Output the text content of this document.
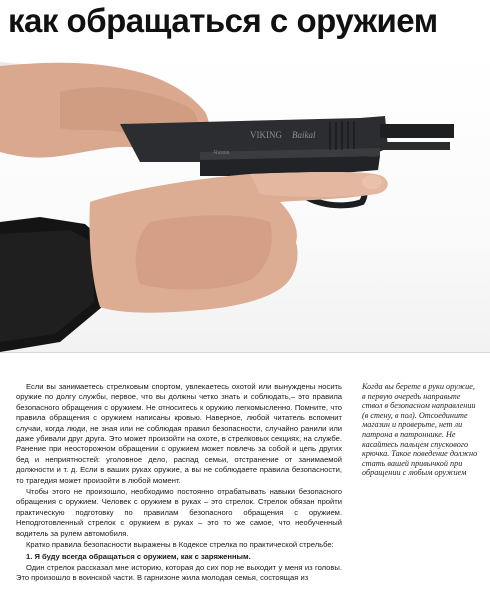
как обращаться с оружием
VIKING Baikal
Russia

Если вы занимаетесь стрелковым спортом, увлекаетесь охотой или вынуждены носить оружие по долгу службы, первое, что вы должны четко знать и соблюдать,– это правила безопасного обращения с оружием. Не относитесь к оружию легкомысленно. Помните, что правила обращения с оружием написаны кровью. Наверное, любой читатель вспомнит случаи, когда люди, не зная или не соблюдая правил безопасности, случайно ранили или даже убивали друг друга. Это может произойти на охоте, в стрелковых секциях, на службе. Ранение при неосторожном обращении с оружием может повлечь за собой и цепь других бед и неприятностей: уголовное дело, распад семьи, отстранение от занимаемой должности и т. д. Если в ваших руках оружие, а вы не соблюдаете правила безопасности, то трагедия может произойти в любой момент.

Чтобы этого не произошло, необходимо постоянно отрабатывать навыки безопасного обращения с оружием. Человек с оружием в руках – это стрелок. Стрелок обязан пройти практическую подготовку по правилам безопасного обращения с оружием. Неподготовленный стрелок с оружием в руках – это то же самое, что необученный водитель за рулем автомобиля.

Кратко правила безопасности выражены в Кодексе стрелка по практической стрельбе:

1. Я буду всегда обращаться с оружием, как с заряженным.

Один стрелок рассказал мне историю, которая до сих пор не выходит у меня из головы. Это произошло в воинской части. В гарнизоне жила молодая семья, состоящая из

Когда вы берете в руки оружие, в первую очередь направьте ствол в безопасном направлении (в стену, в пол). Отсоедините магазин и проверьте, нет ли патрона в патроннике. Не касайтесь пальцем спускового крючка. Такое поведение должно стать вашей привычкой при обращении с любым оружием
